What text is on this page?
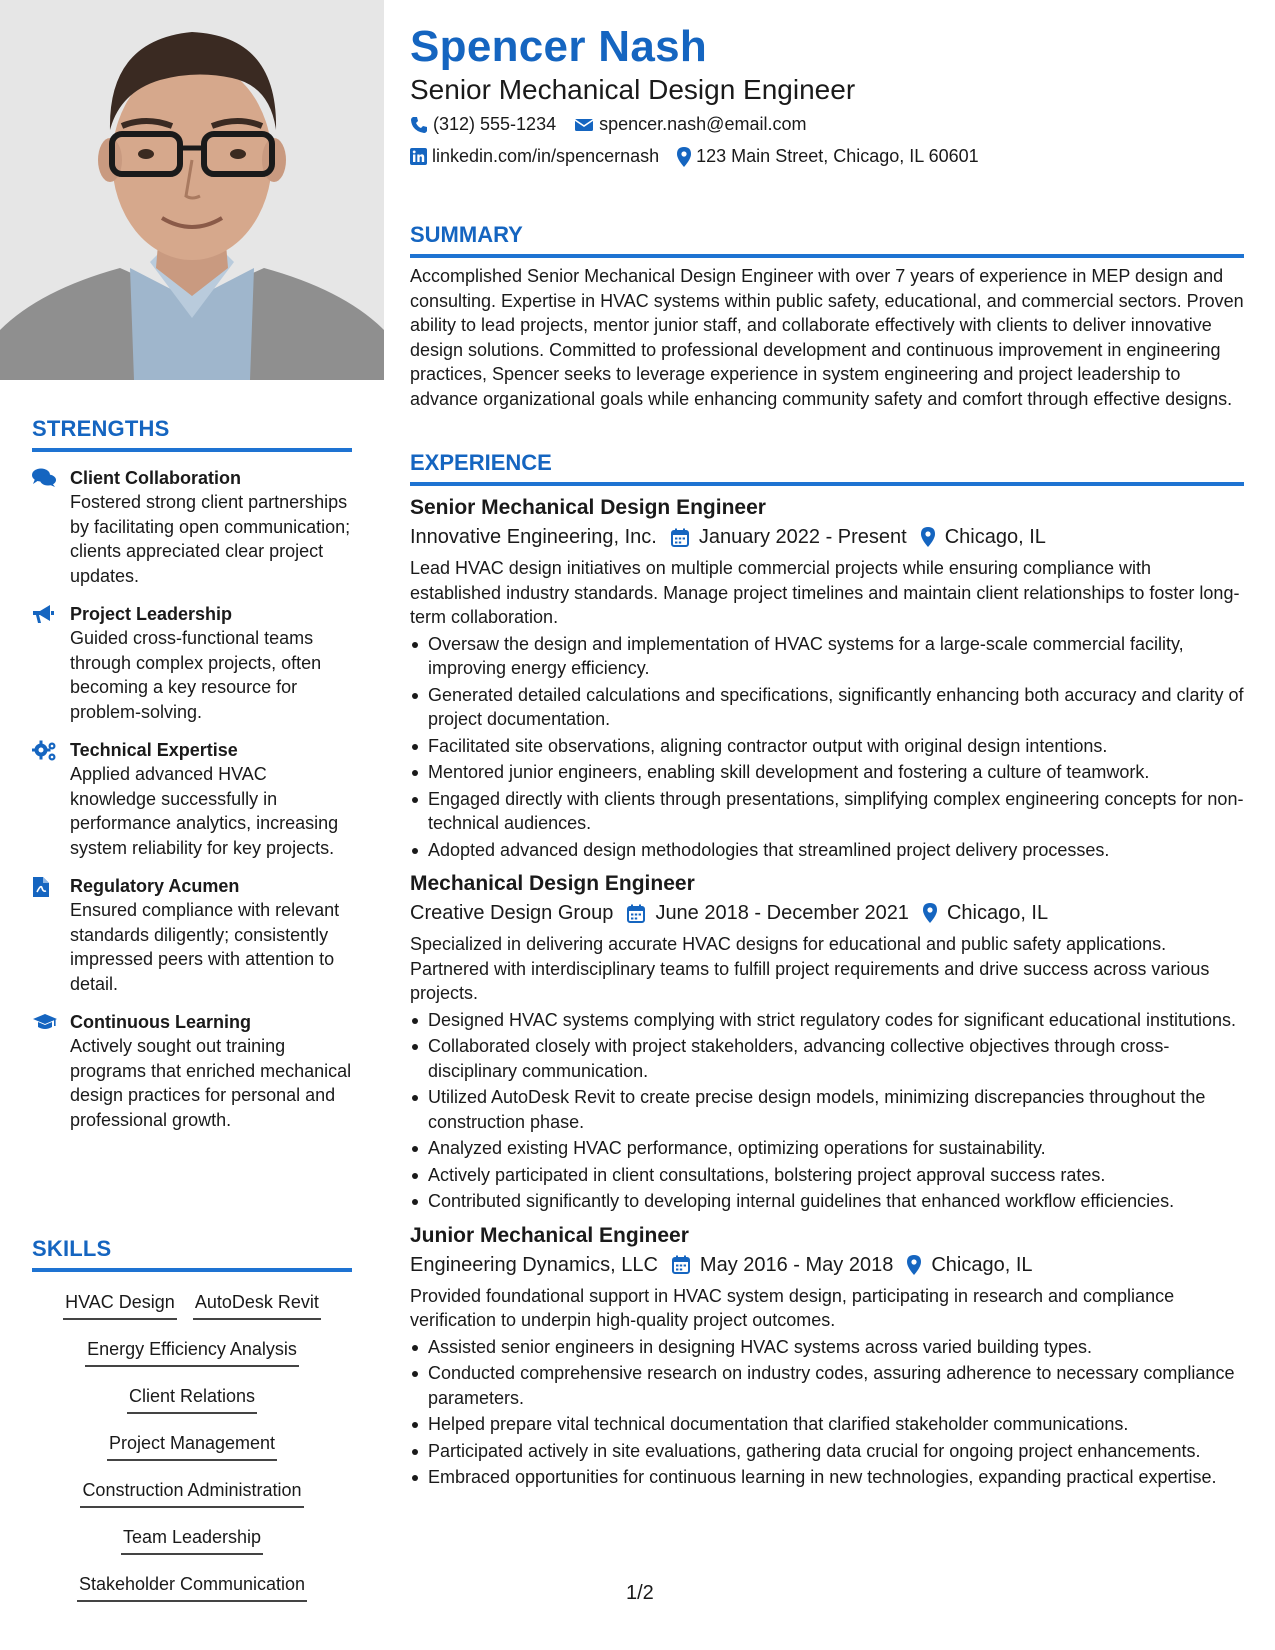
STRENGTHS
Client Collaboration
Fostered strong client partnerships by facilitating open communication; clients appreciated clear project updates.
Project Leadership
Guided cross-functional teams through complex projects, often becoming a key resource for problem-solving.
Technical Expertise
Applied advanced HVAC knowledge successfully in performance analytics, increasing system reliability for key projects.
Regulatory Acumen
Ensured compliance with relevant standards diligently; consistently impressed peers with attention to detail.
Continuous Learning
Actively sought out training programs that enriched mechanical design practices for personal and professional growth.
SKILLS
HVAC Design AutoDesk Revit
Energy Efficiency Analysis
Client Relations
Project Management
Construction Administration
Team Leadership
Stakeholder Communication
Spencer Nash
Senior Mechanical Design Engineer
(312) 555-1234 spencer.nash@email.com
linkedin.com/in/spencernash 123 Main Street, Chicago, IL 60601
SUMMARY
Accomplished Senior Mechanical Design Engineer with over 7 years of experience in MEP design and consulting. Expertise in HVAC systems within public safety, educational, and commercial sectors. Proven ability to lead projects, mentor junior staff, and collaborate effectively with clients to deliver innovative design solutions. Committed to professional development and continuous improvement in engineering practices, Spencer seeks to leverage experience in system engineering and project leadership to advance organizational goals while enhancing community safety and comfort through effective designs.
EXPERIENCE
Senior Mechanical Design Engineer
Innovative Engineering, Inc. January 2022 - Present Chicago, IL
Lead HVAC design initiatives on multiple commercial projects while ensuring compliance with established industry standards. Manage project timelines and maintain client relationships to foster long-term collaboration.
Oversaw the design and implementation of HVAC systems for a large-scale commercial facility, improving energy efficiency.
Generated detailed calculations and specifications, significantly enhancing both accuracy and clarity of project documentation.
Facilitated site observations, aligning contractor output with original design intentions.
Mentored junior engineers, enabling skill development and fostering a culture of teamwork.
Engaged directly with clients through presentations, simplifying complex engineering concepts for non-technical audiences.
Adopted advanced design methodologies that streamlined project delivery processes.
Mechanical Design Engineer
Creative Design Group June 2018 - December 2021 Chicago, IL
Specialized in delivering accurate HVAC designs for educational and public safety applications. Partnered with interdisciplinary teams to fulfill project requirements and drive success across various projects.
Designed HVAC systems complying with strict regulatory codes for significant educational institutions.
Collaborated closely with project stakeholders, advancing collective objectives through cross-disciplinary communication.
Utilized AutoDesk Revit to create precise design models, minimizing discrepancies throughout the construction phase.
Analyzed existing HVAC performance, optimizing operations for sustainability.
Actively participated in client consultations, bolstering project approval success rates.
Contributed significantly to developing internal guidelines that enhanced workflow efficiencies.
Junior Mechanical Engineer
Engineering Dynamics, LLC May 2016 - May 2018 Chicago, IL
Provided foundational support in HVAC system design, participating in research and compliance verification to underpin high-quality project outcomes.
Assisted senior engineers in designing HVAC systems across varied building types.
Conducted comprehensive research on industry codes, assuring adherence to necessary compliance parameters.
Helped prepare vital technical documentation that clarified stakeholder communications.
Participated actively in site evaluations, gathering data crucial for ongoing project enhancements.
Embraced opportunities for continuous learning in new technologies, expanding practical expertise.
1/2
